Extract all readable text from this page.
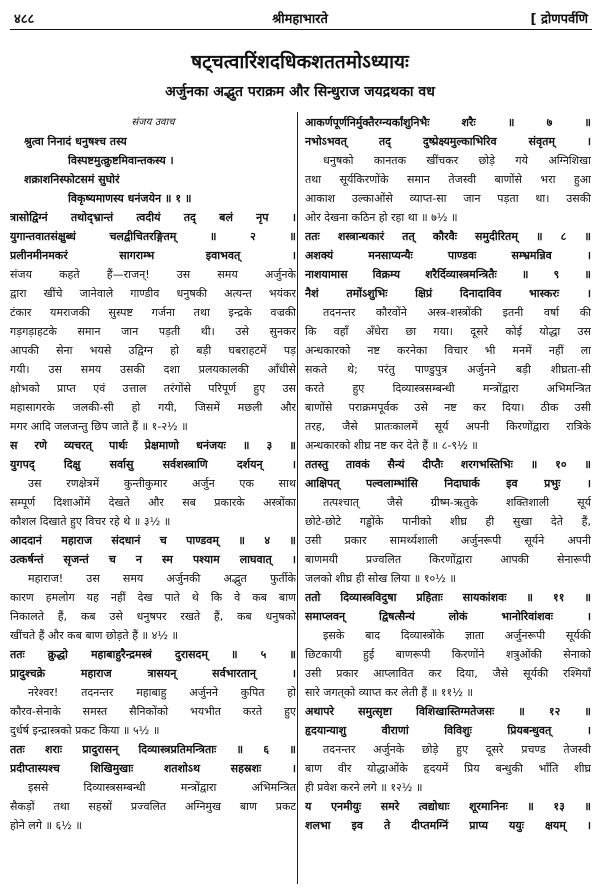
४८८	श्रीमहाभारते	[ द्रोणपर्वणि
षट्चत्वारिंशदधिकशततमोऽध्यायः
अर्जुनका अद्भुत पराक्रम और सिन्धुराज जयद्रथका वध
संजय उवाच
श्रुत्वा निनादं धनुषश्च तस्य
विस्पष्टमुत्क्रुष्टमिवान्तकस्य ।
शक्राशनिस्फोटसमं सुघोरं
विकृष्यमाणस्य धनंजयेन ॥ १ ॥
त्रासोद्विग्नं तथोद्भ्रान्तं त्वदीयं तद् बलं नृप ।
युगान्तवातसंक्षुब्धं चलद्वीचितरङ्गितम् ॥ २ ॥
प्रलीनमीनमकरं सागराम्भ इवाभवत् ।
संजय कहते हैं—राजन्! उस समय अर्जुनके
द्वारा खींचे जानेवाले गाण्डीव धनुषकी अत्यन्त भयंकर
टंकार यमराजकी सुस्पष्ट गर्जना तथा इन्द्रके वज्रकी
गड़गड़ाहटके समान जान पड़ती थी। उसे सुनकर
आपकी सेना भयसे उद्विग्न हो बड़ी घबराहटमें पड़
गयी। उस समय उसकी दशा प्रलयकालकी आँधीसे
क्षोभको प्राप्त एवं उत्ताल तरंगोंसे परिपूर्ण हुए उस
महासागरके जलकी-सी हो गयी, जिसमें मछली और
मगर आदि जलजन्तु छिप जाते हैं ॥ १-२½ ॥
स रणे व्यचरत् पार्थः प्रेक्षमाणो धनंजयः ॥ ३ ॥
युगपद् दिक्षु सर्वासु सर्वशस्त्राणि दर्शयन् ।
उस रणक्षेत्रमें कुन्तीकुमार अर्जुन एक साथ
सम्पूर्ण दिशाओंमें देखते और सब प्रकारके अस्त्रोंका
कौशल दिखाते हुए विचर रहे थे ॥ ३½ ॥
आददानं महाराज संदधानं च पाण्डवम् ॥ ४ ॥
उत्कर्षन्तं सृजन्तं च न स्म पश्याम लाघवात् ।
महाराज! उस समय अर्जुनकी अद्भुत फुर्तीके
कारण हमलोग यह नहीं देख पाते थे कि वे कब बाण
निकालते हैं, कब उसे धनुषपर रखते हैं, कब धनुषको
खींचते हैं और कब बाण छोड़ते हैं ॥ ४½ ॥
ततः क्रुद्धो महाबाहुरैन्द्रमस्त्रं दुरासदम् ॥ ५ ॥
प्रादुश्चक्रे महाराज त्रासयन् सर्वभारतान् ।
नरेश्वर! तदनन्तर महाबाहु अर्जुनने कुपित हो
कौरव-सेनाके समस्त सैनिकोंको भयभीत करते हुए
दुर्धर्ष इन्द्रास्त्रको प्रकट किया ॥ ५½ ॥
ततः शराः प्रादुरासन् दिव्यास्त्रप्रतिमन्त्रिताः ॥ ६ ॥
प्रदीप्तास्यश्च शिखिमुखाः शतशोऽथ सहस्रशः ।
इससे दिव्यास्त्रसम्बन्धी मन्त्रोंद्वारा अभिमन्त्रित
सैकड़ों तथा सहस्रों प्रज्वलित अग्निमुख बाण प्रकट
होने लगे ॥ ६½ ॥
आकर्णपूर्णनिर्मुक्तैरग्न्यर्कांशुनिभैः शरैः ॥ ७ ॥
नभोऽभवत् तद् दुष्प्रेक्ष्यमुल्काभिरिव संवृतम् ।
धनुषको कानतक खींचकर छोड़े गये अग्निशिखा
तथा सूर्यकिरणोंके समान तेजस्वी बाणोंसे भरा हुआ
आकाश उल्काओंसे व्याप्त-सा जान पड़ता था। उसकी
ओर देखना कठिन हो रहा था ॥ ७½ ॥
ततः शस्त्रान्धकारं तत् कौरवैः समुदीरितम् ॥ ८ ॥
अशक्यं मनसाप्यन्यैः पाण्डवः सम्भ्रमन्निव ।
नाशयामास विक्रम्य शरैर्दिव्यास्त्रमन्त्रितैः ॥ ९ ॥
नैशं तमोंऽशुभिः क्षिप्रं दिनादाविव भास्करः ।
तदनन्तर कौरवोंने अस्त्र-शस्त्रोंकी इतनी वर्षा की
कि वहाँ अँधेरा छा गया। दूसरे कोई योद्धा उस
अन्धकारको नष्ट करनेका विचार भी मनमें नहीं ला
सकते थे; परंतु पाण्डुपुत्र अर्जुनने बड़ी शीघ्रता-सी
करते हुए दिव्यास्त्रसम्बन्धी मन्त्रोंद्वारा अभिमन्त्रित
बाणोंसे पराक्रमपूर्वक उसे नष्ट कर दिया। ठीक उसी
तरह, जैसे प्रातःकालमें सूर्य अपनी किरणोंद्वारा रात्रिके
अन्धकारको शीघ्र नष्ट कर देते हैं ॥ ८-९½ ॥
ततस्तु तावकं सैन्यं दीप्तैः शरगभस्तिभिः ॥ १० ॥
आक्षिपत् पल्वलाम्भांसि निदाघार्क इव प्रभुः ।
तत्पश्चात् जैसे ग्रीष्म-ऋतुके शक्तिशाली सूर्य
छोटे-छोटे गड्ढोंके पानीको शीघ्र ही सुखा देते हैं,
उसी प्रकार सामर्थ्यशाली अर्जुनरूपी सूर्यने अपनी
बाणमयी प्रज्वलित किरणोंद्वारा आपकी सेनारूपी
जलको शीघ्र ही सोख लिया ॥ १०½ ॥
ततो दिव्यास्त्रविदुषा प्रहिताः सायकांशवः ॥ ११ ॥
समाप्लवन् द्विषत्सैन्यं लोकं भानोरिवांशवः ।
इसके बाद दिव्यास्त्रोंके ज्ञाता अर्जुनरूपी सूर्यकी
छिटकायी हुई बाणरूपी किरणोंने शत्रुओंकी सेनाको
उसी प्रकार आप्लावित कर दिया, जैसे सूर्यकी रश्मियाँ
सारे जगत्‌को व्याप्त कर लेती हैं ॥ ११½ ॥
अथापरे समुत्सृष्टा विशिखास्तिग्मतेजसः ॥ १२ ॥
हृदयान्याशु वीराणां विविशुः प्रियबन्धुवत् ।
तदनन्तर अर्जुनके छोड़े हुए दूसरे प्रचण्ड तेजस्वी
बाण वीर योद्धाओंके हृदयमें प्रिय बन्धुकी भाँति शीघ्र
ही प्रवेश करने लगे ॥ १२½ ॥
य एनमीयुः समरे त्वद्योधाः शूरमानिनः ॥ १३ ॥
शलभा इव ते दीप्तमग्निं प्राप्य ययुः क्षयम् ।
